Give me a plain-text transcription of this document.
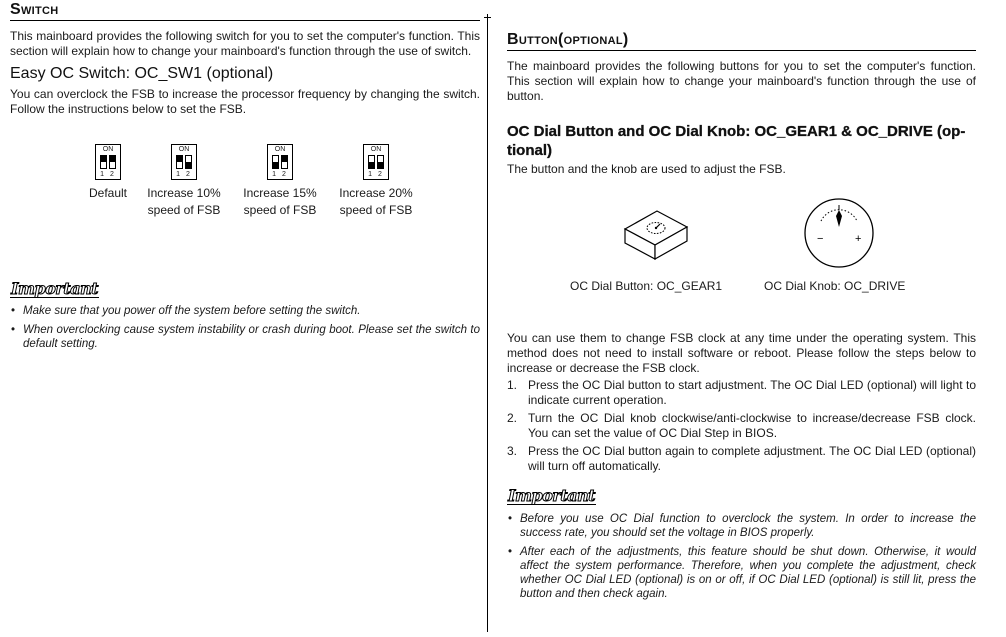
Switch

This mainboard provides the following switch for you to set the computer's function. This section will explain how to change your mainboard's function through the use of switch.

Easy OC Switch: OC_SW1 (optional)

You can overclock the FSB to increase the processor frequency by changing the switch. Follow the instructions below to set the FSB.

ON
1 2
Default
ON
1 2
Increase 10%
speed of FSB
ON
1 2
Increase 15%
speed of FSB
ON
1 2
Increase 20%
speed of FSB
Important
• Make sure that you power off the system before setting the switch.
• When overclocking cause system instability or crash during boot. Please set the switch to default setting.
Button(optional)

The mainboard provides the following buttons for you to set the computer's function. This section will explain how to change your mainboard's function through the use of button.

OC Dial Button and OC Dial Knob: OC_GEAR1 & OC_DRIVE (op-
tional)

The button and the knob are used to adjust the FSB.

−	+
OC Dial Button: OC_GEAR1	OC Dial Knob: OC_DRIVE

You can use them to change FSB clock at any time under the operating system. This method does not need to install software or reboot. Please follow the steps below to increase or decrease the FSB clock.

1. Press the OC Dial button to start adjustment. The OC Dial LED (optional) will light to indicate current operation.
2. Turn the OC Dial knob clockwise/anti-clockwise to increase/decrease FSB clock. You can set the value of OC Dial Step in BIOS.
3. Press the OC Dial button again to complete adjustment. The OC Dial LED (optional) will turn off automatically.
Important
• Before you use OC Dial function to overclock the system. In order to increase the success rate, you should set the voltage in BIOS properly.
• After each of the adjustments, this feature should be shut down. Otherwise, it would affect the system performance. Therefore, when you complete the adjustment, check whether OC Dial LED (optional) is on or off, if OC Dial LED (optional) is still lit, press the button and then check again.
